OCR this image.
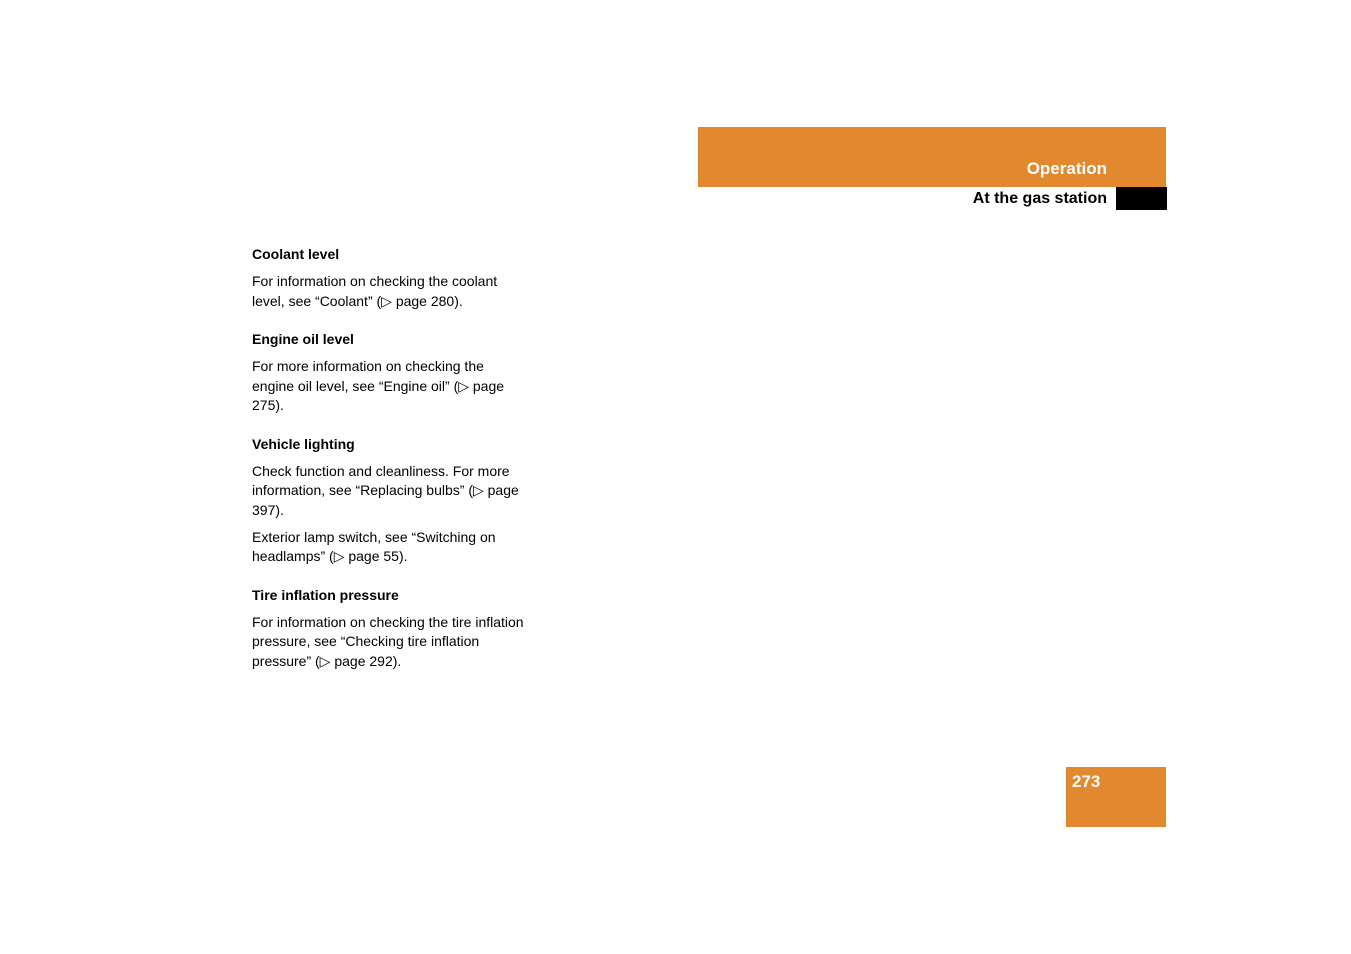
Operation
At the gas station
Coolant level

For information on checking the coolant level, see “Coolant” (▷ page 280).

Engine oil level

For more information on checking the engine oil level, see “Engine oil” (▷ page 275).

Vehicle lighting

Check function and cleanliness. For more information, see “Replacing bulbs” (▷ page 397).

Exterior lamp switch, see “Switching on headlamps” (▷ page 55).

Tire inflation pressure

For information on checking the tire inflation pressure, see “Checking tire inflation pressure” (▷ page 292).

273
